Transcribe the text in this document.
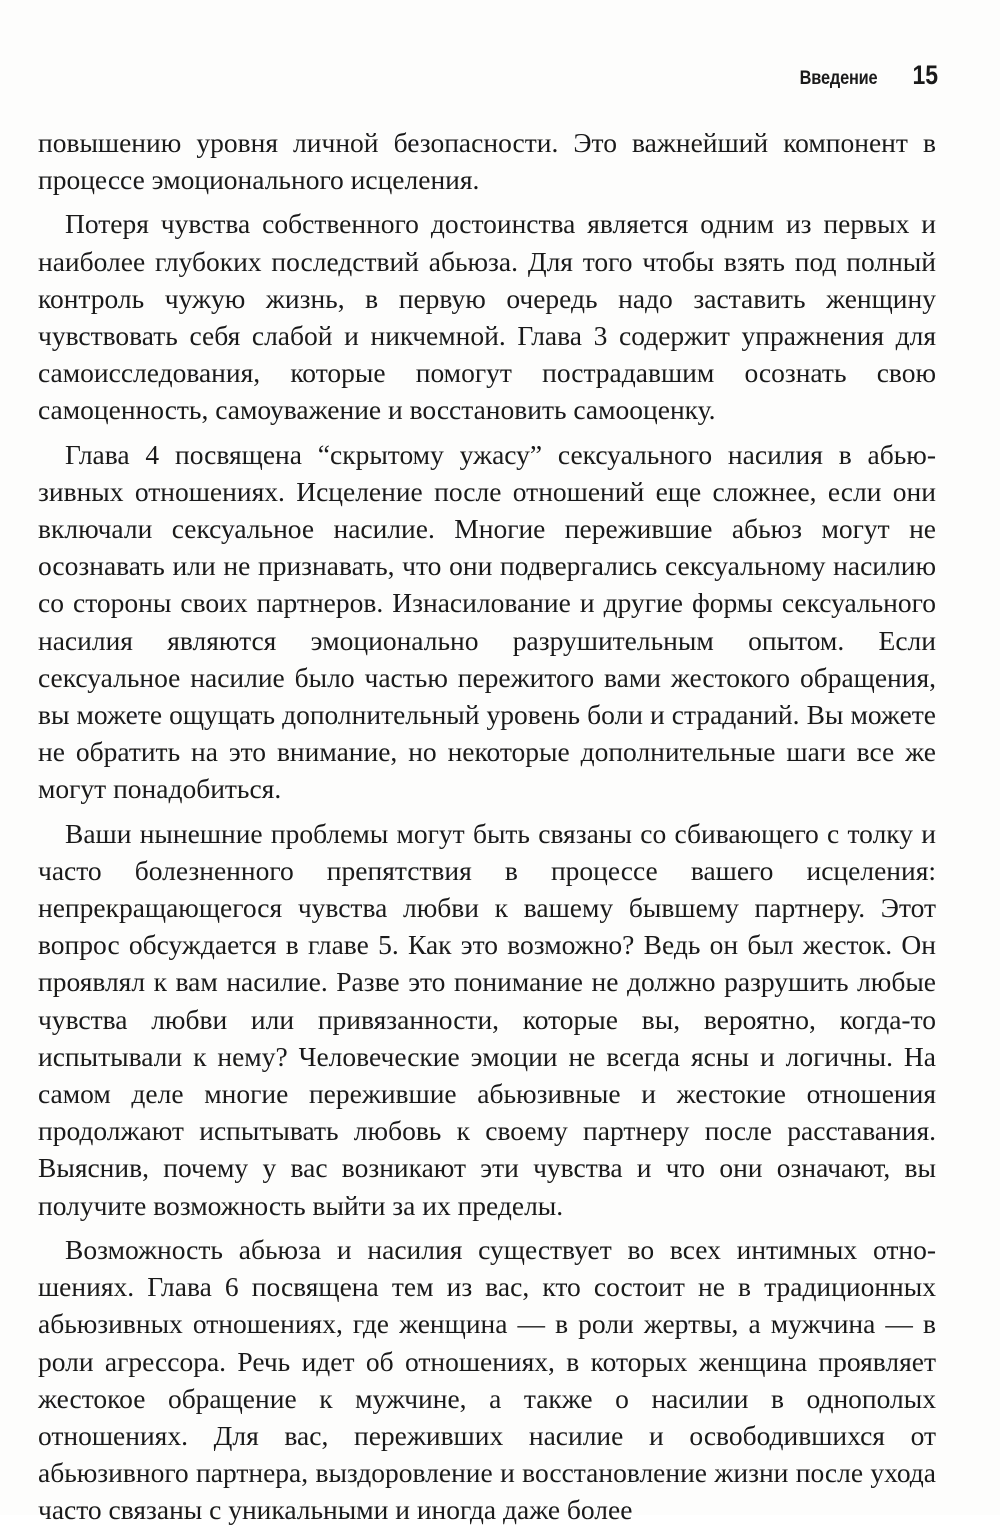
Введение 15

повышению уровня личной безопасности. Это важнейший компонент в процессе эмоционального исцеления.

Потеря чувства собственного достоинства является одним из первых и наиболее глубоких последствий абьюза. Для того чтобы взять под полный контроль чужую жизнь, в первую очередь надо заставить женщину чувствовать себя слабой и никчемной. Глава 3 содержит упражнения для самоисследования, которые помогут пострадавшим осознать свою самоценность, самоуважение и восстановить самооценку.

Глава 4 посвящена “скрытому ужасу” сексуального насилия в абьюзивных отношениях. Исцеление после отношений еще сложнее, если они включали сексуальное насилие. Многие пережившие абьюз могут не осознавать или не признавать, что они подвергались сексуальному насилию со стороны своих партнеров. Изнасилование и другие формы сексуального насилия являются эмоционально разрушительным опытом. Если сексуальное насилие было частью пережитого вами жестокого обращения, вы можете ощущать дополнительный уровень боли и страданий. Вы можете не обратить на это внимание, но некоторые дополнительные шаги все же могут понадобиться.

Ваши нынешние проблемы могут быть связаны со сбивающего с толку и часто болезненного препятствия в процессе вашего исцеления: непрекращающегося чувства любви к вашему бывшему партнеру. Этот вопрос обсуждается в главе 5. Как это возможно? Ведь он был жесток. Он проявлял к вам насилие. Разве это понимание не должно разрушить любые чувства любви или привязанности, которые вы, вероятно, когда-то испытывали к нему? Человеческие эмоции не всегда ясны и логичны. На самом деле многие пережившие абьюзивные и жестокие отношения продолжают испытывать любовь к своему партнеру после расставания. Выяснив, почему у вас возникают эти чувства и что они означают, вы получите возможность выйти за их пределы.

Возможность абьюза и насилия существует во всех интимных отношениях. Глава 6 посвящена тем из вас, кто состоит не в традиционных абьюзивных отношениях, где женщина — в роли жертвы, а мужчина — в роли агрессора. Речь идет об отношениях, в которых женщина проявляет жестокое обращение к мужчине, а также о насилии в однополых отношениях. Для вас, переживших насилие и освободившихся от абьюзивного партнера, выздоровление и восстановление жизни после ухода часто связаны с уникальными и иногда даже более
